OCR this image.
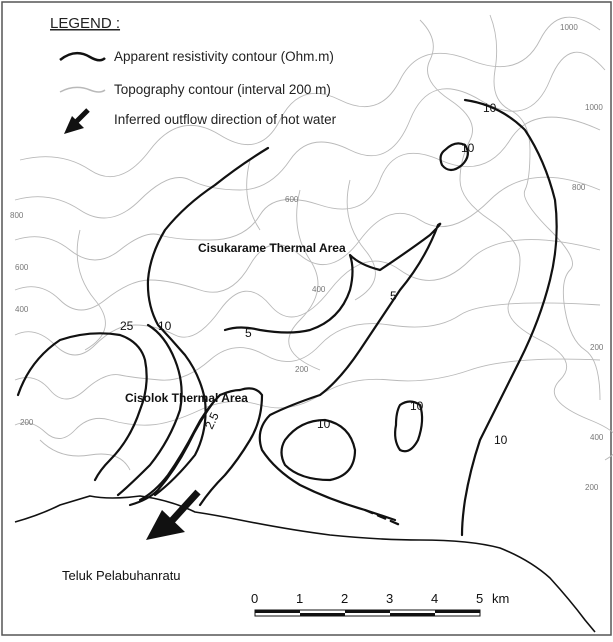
1000
1000
800
800
600
600
400
400
400
200
200
200
200
10
10
10
10
10
25 10	5
5
2.5
Cisukarame Thermal Area
Cisolok Thermal Area
Teluk Pelabuhanratu
LEGEND :
Apparent resistivity contour (Ohm.m)
Topography contour (interval 200 m)
Inferred outflow direction of hot water
0	1	2	3	4	5 km
